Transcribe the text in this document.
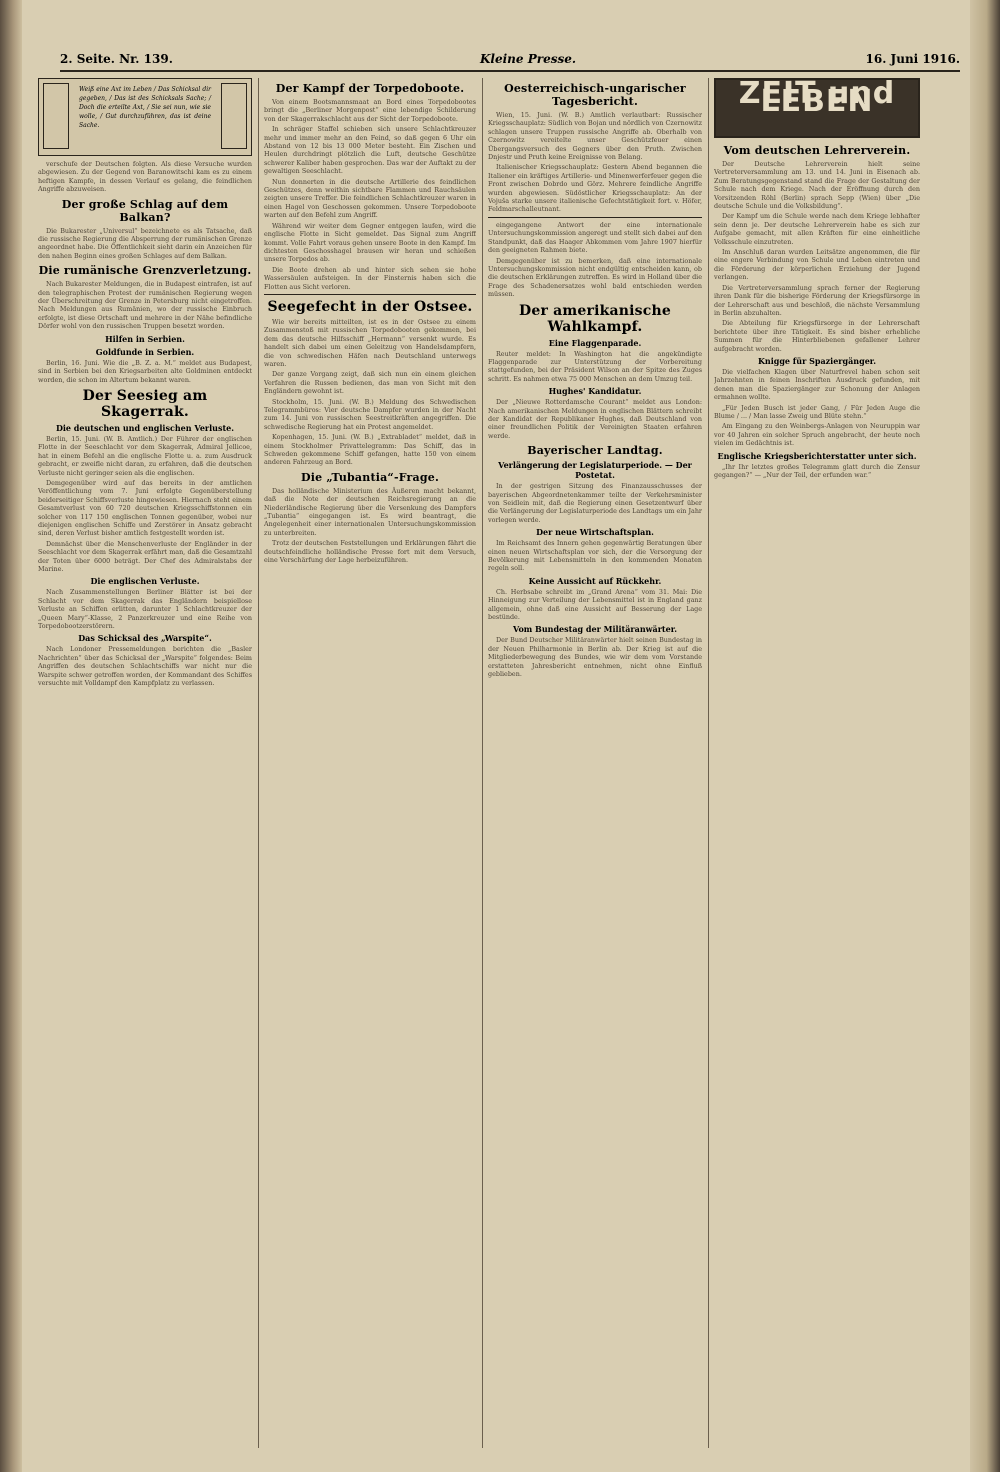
2. Seite. Nr. 139.	Kleine Presse.	16. Juni 1916.
Weiß eine Axt im Leben / Das Schicksal dir gegeben, / Das ist des Schicksals Sache; / Doch die erteilte Axt, / Sie sei nun, wie sie wolle, / Gut durchzuführen, das ist deine Sache.

verschufe der Deutschen folgten. Als diese Versuche wurden abgewiesen. Zu der Gegend von Baranowitschi kam es zu einem heftigen Kampfe, in dessen Verlauf es gelang, die feindlichen Angriffe abzuweisen.

Der große Schlag auf dem Balkan?

Die Bukarester „Universul“ bezeichnete es als Tatsache, daß die russische Regierung die Absperrung der rumänischen Grenze angeordnet habe. Die Öffentlichkeit sieht darin ein Anzeichen für den nahen Beginn eines großen Schlages auf dem Balkan.

Die rumänische Grenzverletzung.

Nach Bukarester Meldungen, die in Budapest eintrafen, ist auf den telegraphischen Protest der rumänischen Regierung wegen der Überschreitung der Grenze in Petersburg nicht eingetroffen. Nach Meldungen aus Rumänien, wo der russische Einbruch erfolgte, ist diese Ortschaft und mehrere in der Nähe befindliche Dörfer wohl von den russischen Truppen besetzt worden.

Hilfen in Serbien.
Goldfunde in Serbien.

Berlin, 16. Juni. Wie die „B. Z. a. M.“ meldet aus Budapest, sind in Serbien bei den Kriegsarbeiten alte Goldminen entdeckt worden, die schon im Altertum bekannt waren.

Der Seesieg am Skagerrak.
Die deutschen und englischen Verluste.

Berlin, 15. Juni. (W. B. Amtlich.) Der Führer der englischen Flotte in der Seeschlacht vor dem Skagerrak, Admiral Jellicoe, hat in einem Befehl an die englische Flotte u. a. zum Ausdruck gebracht, er zweifle nicht daran, zu erfahren, daß die deutschen Verluste nicht geringer seien als die englischen.

Demgegenüber wird auf das bereits in der amtlichen Veröffentlichung vom 7. Juni erfolgte Gegenüberstellung beiderseitiger Schiffsverluste hingewiesen. Hiernach steht einem Gesamtverlust von 60 720 deutschen Kriegsschiffstonnen ein solcher von 117 150 englischen Tonnen gegenüber, wobei nur diejenigen englischen Schiffe und Zerstörer in Ansatz gebracht sind, deren Verlust bisher amtlich festgestellt worden ist.

Demnächst über die Menschenverluste der Engländer in der Seeschlacht vor dem Skagerrak erfährt man, daß die Gesamtzahl der Toten über 6000 beträgt. Der Chef des Admiralstabs der Marine.

Die englischen Verluste.

Nach Zusammenstellungen Berliner Blätter ist bei der Schlacht vor dem Skagerrak das Engländern beispiellose Verluste an Schiffen erlitten, darunter 1 Schlachtkreuzer der „Queen Mary“-Klasse, 2 Panzerkreuzer und eine Reihe von Torpedobootzerstörern.

Das Schicksal des „Warspite“.

Nach Londoner Pressemeldungen berichten die „Basler Nachrichten“ über das Schicksal der „Warspite“ folgendes: Beim Angriffen des deutschen Schlachtschiffs war nicht nur die Warspite schwer getroffen worden, der Kommandant des Schiffes versuchte mit Volldampf den Kampfplatz zu verlassen.

Der Kampf der Torpedoboote.

Von einem Bootsmannsmaat an Bord eines Torpedobootes bringt die „Berliner Morgenpost“ eine lebendige Schilderung von der Skagerrakschlacht aus der Sicht der Torpedoboote.

In schräger Staffel schieben sich unsere Schlachtkreuzer mehr und immer mehr an den Feind, so daß gegen 6 Uhr ein Abstand von 12 bis 13 000 Meter besteht. Ein Zischen und Heulen durchdringt plötzlich die Luft, deutsche Geschütze schwerer Kaliber haben gesprochen. Das war der Auftakt zu der gewaltigen Seeschlacht.

Nun donnerten in die deutsche Artillerie des feindlichen Geschützes, denn weithin sichtbare Flammen und Rauchsäulen zeigten unsere Treffer. Die feindlichen Schlachtkreuzer waren in einen Hagel von Geschossen gekommen. Unsere Torpedoboote warten auf den Befehl zum Angriff.

Während wir weiter dem Gegner entgegen laufen, wird die englische Flotte in Sicht gemeldet. Das Signal zum Angriff kommt. Volle Fahrt voraus gehen unsere Boote in den Kampf. Im dichtesten Geschosshagel brausen wir heran und schießen unsere Torpedos ab.

Die Boote drehen ab und hinter sich sehen sie hohe Wassersäulen aufsteigen. In der Finsternis haben sich die Flotten aus Sicht verloren.

Seegefecht in der Ostsee.

Wie wir bereits mitteilten, ist es in der Ostsee zu einem Zusammenstoß mit russischen Torpedobooten gekommen, bei dem das deutsche Hilfsschiff „Hermann“ versenkt wurde. Es handelt sich dabei um einen Geleitzug von Handelsdampfern, die von schwedischen Häfen nach Deutschland unterwegs waren.

Der ganze Vorgang zeigt, daß sich nun ein einem gleichen Verfahren die Russen bedienen, das man von Sicht mit den Engländern gewohnt ist.

Stockholm, 15. Juni. (W. B.) Meldung des Schwedischen Telegrammbüros: Vier deutsche Dampfer wurden in der Nacht zum 14. Juni von russischen Seestreitkräften angegriffen. Die schwedische Regierung hat ein Protest angemeldet.

Kopenhagen, 15. Juni. (W. B.) „Extrabladet“ meldet, daß in einem Stockholmer Privattelegramm: Das Schiff, das in Schweden gekommene Schiff gefangen, hatte 150 von einem anderen Fahrzeug an Bord.

Die „Tubantia“-Frage.

Das holländische Ministerium des Äußeren macht bekannt, daß die Note der deutschen Reichsregierung an die Niederländische Regierung über die Versenkung des Dampfers „Tubantia“ eingegangen ist. Es wird beantragt, die Angelegenheit einer internationalen Untersuchungskommission zu unterbreiten.

Trotz der deutschen Feststellungen und Erklärungen fährt die deutschfeindliche holländische Presse fort mit dem Versuch, eine Verschärfung der Lage herbeizuführen.

Oesterreichisch-ungarischer Tagesbericht.

Wien, 15. Juni. (W. B.) Amtlich verlautbart: Russischer Kriegsschauplatz: Südlich von Bojan und nördlich von Czernowitz schlagen unsere Truppen russische Angriffe ab. Oberhalb von Czernowitz vereitelte unser Geschützfeuer einen Übergangsversuch des Gegners über den Pruth. Zwischen Dnjestr und Pruth keine Ereignisse von Belang.

Italienischer Kriegsschauplatz: Gestern Abend begannen die Italiener ein kräftiges Artillerie- und Minenwerferfeuer gegen die Front zwischen Dobrdo und Görz. Mehrere feindliche Angriffe wurden abgewiesen. Südöstlicher Kriegsschauplatz: An der Vojuša starke unsere italienische Gefechtstätigkeit fort. v. Höfer, Feldmarschalleutnant.

eingegangene Antwort der eine internationale Untersuchungskommission angeregt und stellt sich dabei auf den Standpunkt, daß das Haager Abkommen vom Jahre 1907 hierfür den geeigneten Rahmen biete.

Demgegenüber ist zu bemerken, daß eine internationale Untersuchungskommission nicht endgültig entscheiden kann, ob die deutschen Erklärungen zutreffen. Es wird in Holland über die Frage des Schadenersatzes wohl bald entschieden werden müssen.

Der amerikanische Wahlkampf.
Eine Flaggenparade.

Reuter meldet: In Washington hat die angekündigte Flaggenparade zur Unterstützung der Vorbereitung stattgefunden, bei der Präsident Wilson an der Spitze des Zuges schritt. Es nahmen etwa 75 000 Menschen an dem Umzug teil.

Hughes' Kandidatur.

Der „Nieuwe Rotterdamsche Courant“ meldet aus London: Nach amerikanischen Meldungen in englischen Blättern schreibt der Kandidat der Republikaner Hughes, daß Deutschland von einer freundlichen Politik der Vereinigten Staaten erfahren werde.

Bayerischer Landtag.
Verlängerung der Legislaturperiode. — Der Postetat.

In der gestrigen Sitzung des Finanzausschusses der bayerischen Abgeordnetenkammer teilte der Verkehrsminister von Seidlein mit, daß die Regierung einen Gesetzentwurf über die Verlängerung der Legislaturperiode des Landtags um ein Jahr vorlegen werde.

Der neue Wirtschaftsplan.

Im Reichsamt des Innern gehen gegenwärtig Beratungen über einen neuen Wirtschaftsplan vor sich, der die Versorgung der Bevölkerung mit Lebensmitteln in den kommenden Monaten regeln soll.

Keine Aussicht auf Rückkehr.

Ch. Herbsabe schreibt im „Grand Arena“ vom 31. Mai: Die Hinneigung zur Verteilung der Lebensmittel ist in England ganz allgemein, ohne daß eine Aussicht auf Besserung der Lage bestünde.

Vom Bundestag der Militäranwärter.

Der Bund Deutscher Militäranwärter hielt seinen Bundestag in der Neuen Philharmonie in Berlin ab. Der Krieg ist auf die Mitgliederbewegung des Bundes, wie wir dem vom Vorstande erstatteten Jahresbericht entnehmen, nicht ohne Einfluß geblieben.

ZEIT und LEBEN
Vom deutschen Lehrerverein.

Der Deutsche Lehrerverein hielt seine Vertreterversammlung am 13. und 14. Juni in Eisenach ab. Zum Beratungsgegenstand stand die Frage der Gestaltung der Schule nach dem Kriege. Nach der Eröffnung durch den Vorsitzenden Röhl (Berlin) sprach Sepp (Wien) über „Die deutsche Schule und die Volksbildung“.

Der Kampf um die Schule werde nach dem Kriege lebhafter sein denn je. Der deutsche Lehrerverein habe es sich zur Aufgabe gemacht, mit allen Kräften für eine einheitliche Volksschule einzutreten.

Im Anschluß daran wurden Leitsätze angenommen, die für eine engere Verbindung von Schule und Leben eintreten und die Förderung der körperlichen Erziehung der Jugend verlangen.

Die Vertreterversammlung sprach ferner der Regierung ihren Dank für die bisherige Förderung der Kriegsfürsorge in der Lehrerschaft aus und beschloß, die nächste Versammlung in Berlin abzuhalten.

Die Abteilung für Kriegsfürsorge in der Lehrerschaft berichtete über ihre Tätigkeit. Es sind bisher erhebliche Summen für die Hinterbliebenen gefallener Lehrer aufgebracht worden.

Knigge für Spaziergänger.

Die vielfachen Klagen über Naturfrevel haben schon seit Jahrzehnten in feinen Inschriften Ausdruck gefunden, mit denen man die Spaziergänger zur Schonung der Anlagen ermahnen wollte.

„Für Jeden Busch ist jeder Gang, / Für Jeden Auge die Blume / ... / Man lasse Zweig und Blüte stehn.“

Am Eingang zu den Weinbergs-Anlagen von Neuruppin war vor 40 Jahren ein solcher Spruch angebracht, der heute noch vielen im Gedächtnis ist.

Englische Kriegsberichterstatter unter sich.

„Ihr Ihr letztes großes Telegramm glatt durch die Zensur gegangen?“ — „Nur der Teil, der erfunden war.“
